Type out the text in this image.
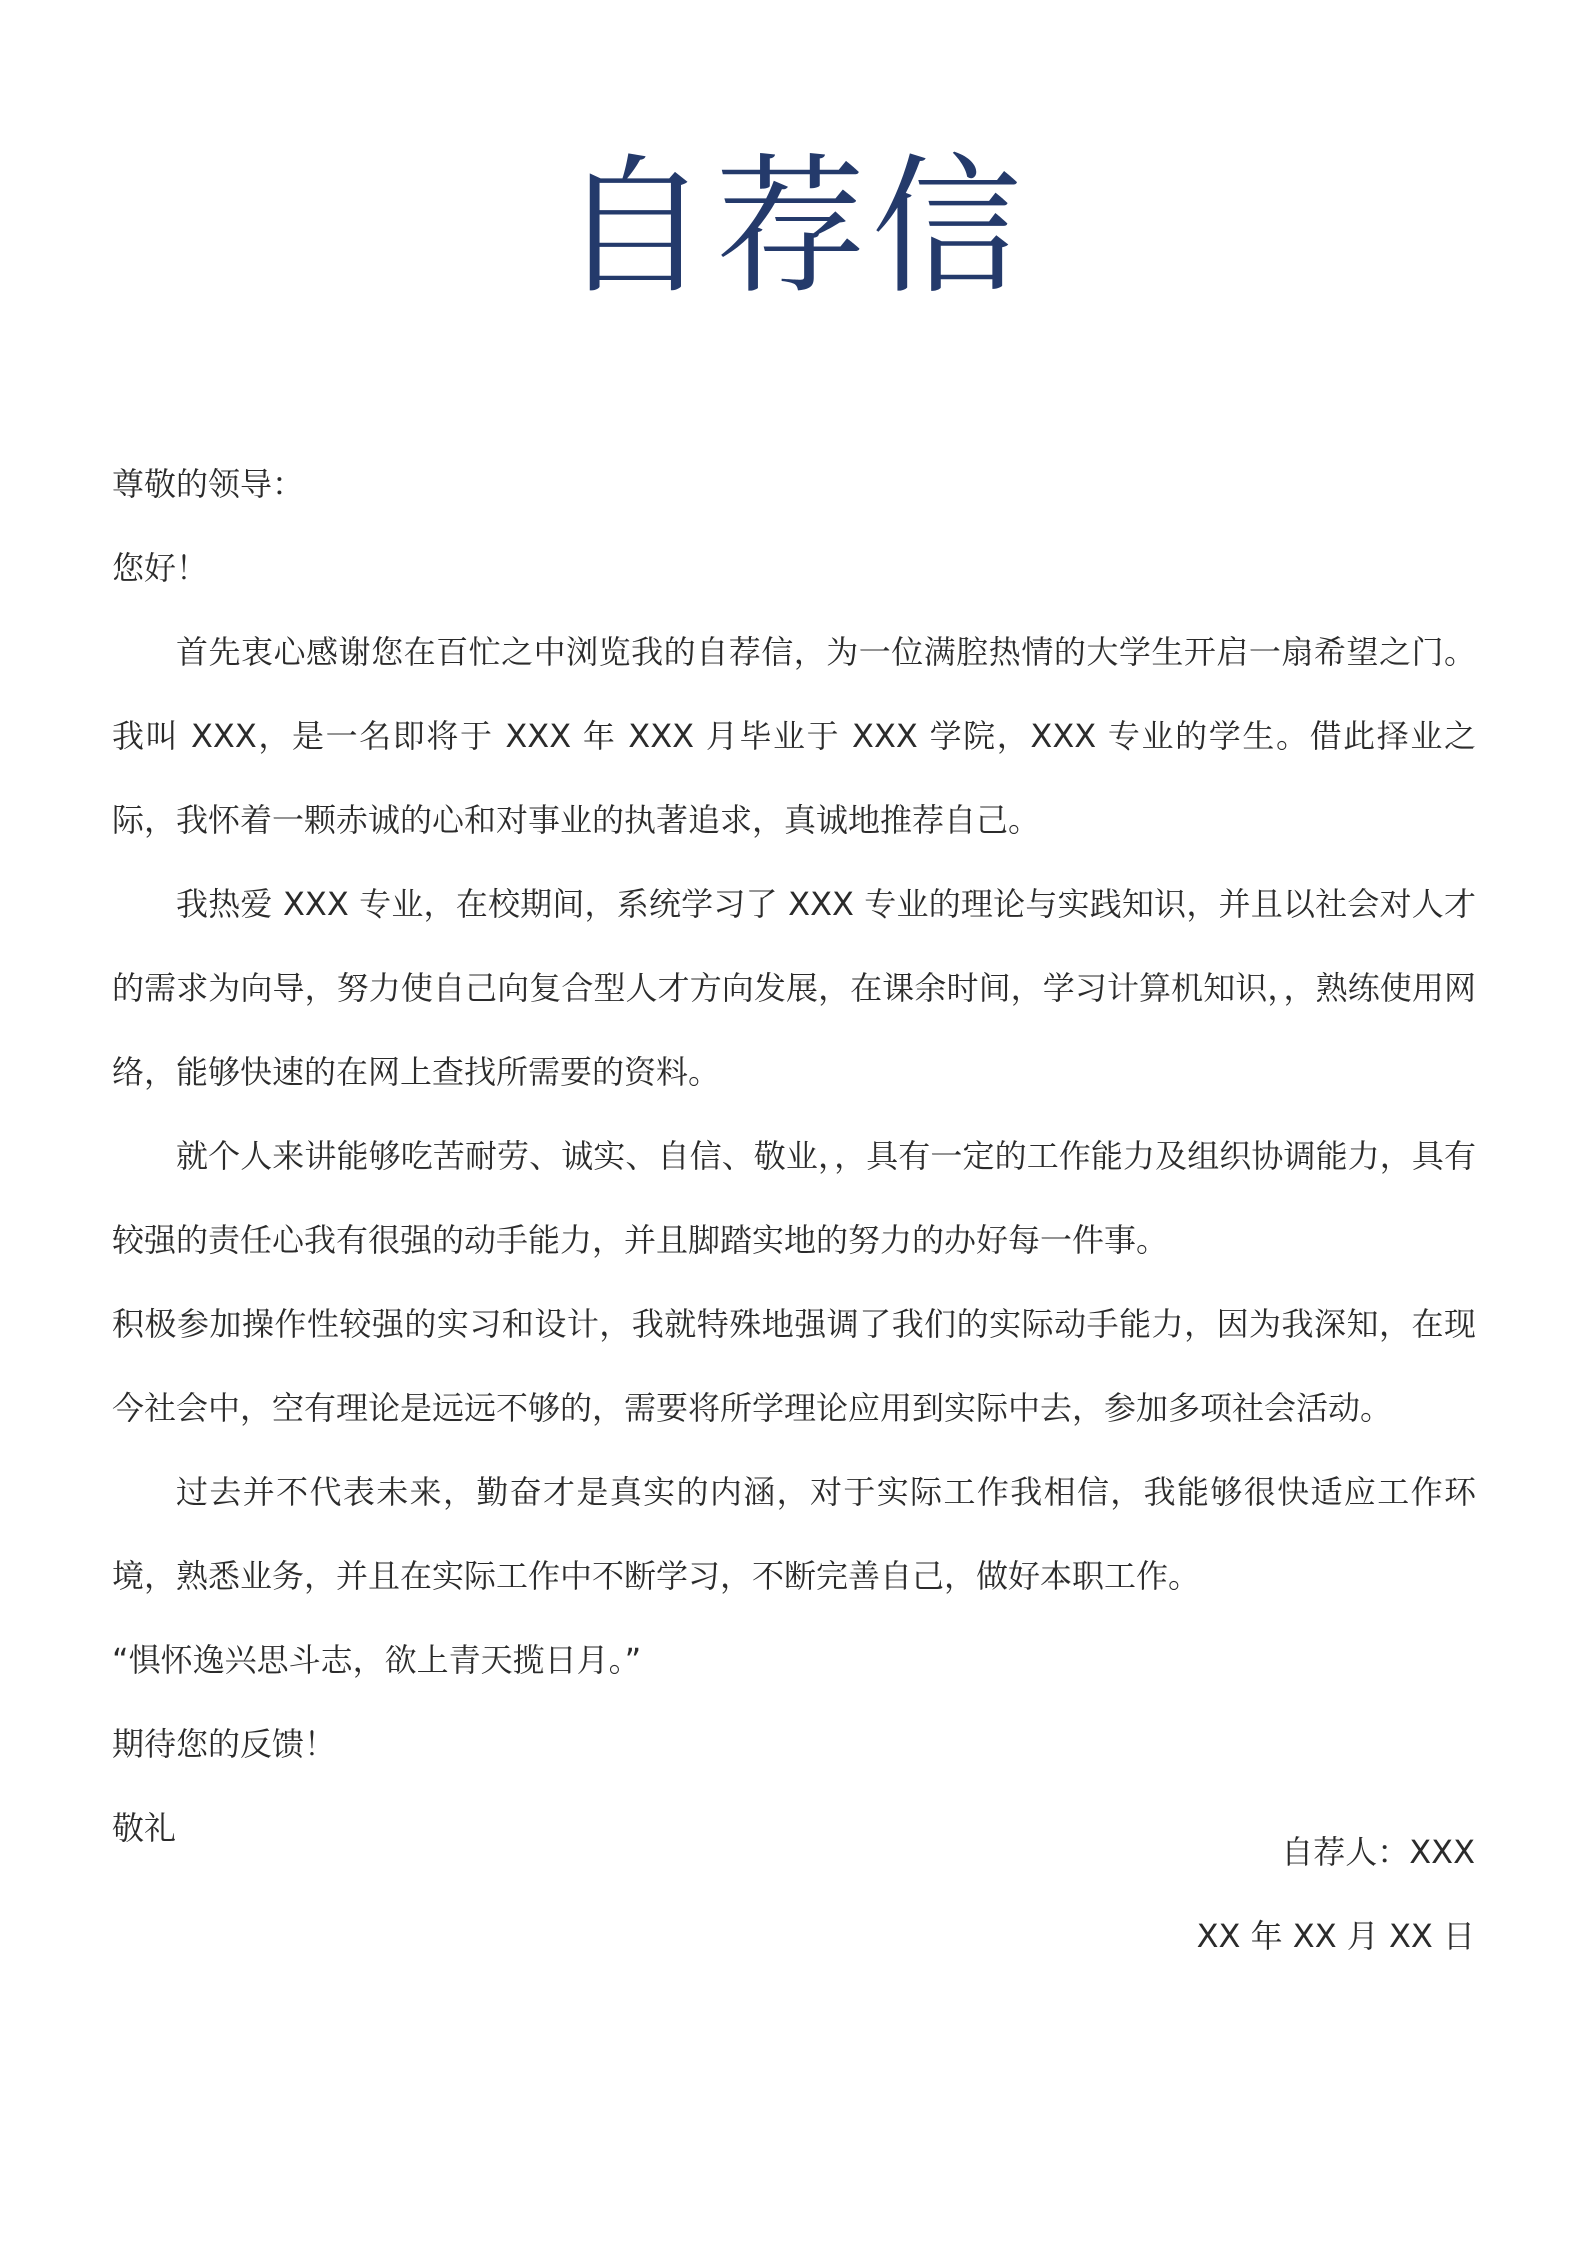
自荐信

尊敬的领导：

您好！

首先衷心感谢您在百忙之中浏览我的自荐信，为一位满腔热情的大学生开启一扇希望之门。我叫 XXX，是一名即将于 XXX 年 XXX 月毕业于 XXX 学院，XXX 专业的学生。借此择业之际，我怀着一颗赤诚的心和对事业的执著追求，真诚地推荐自己。

我热爱 XXX 专业，在校期间，系统学习了 XXX 专业的理论与实践知识，并且以社会对人才的需求为向导，努力使自己向复合型人才方向发展，在课余时间，学习计算机知识，，熟练使用网络，能够快速的在网上查找所需要的资料。

就个人来讲能够吃苦耐劳、诚实、自信、敬业，，具有一定的工作能力及组织协调能力，具有较强的责任心我有很强的动手能力，并且脚踏实地的努力的办好每一件事。

积极参加操作性较强的实习和设计，我就特殊地强调了我们的实际动手能力，因为我深知，在现今社会中，空有理论是远远不够的，需要将所学理论应用到实际中去，参加多项社会活动。

过去并不代表未来，勤奋才是真实的内涵，对于实际工作我相信，我能够很快适应工作环境，熟悉业务，并且在实际工作中不断学习，不断完善自己，做好本职工作。

“惧怀逸兴思斗志，欲上青天揽日月。”

期待您的反馈！

敬礼

自荐人：XXX

XX 年 XX 月 XX 日
